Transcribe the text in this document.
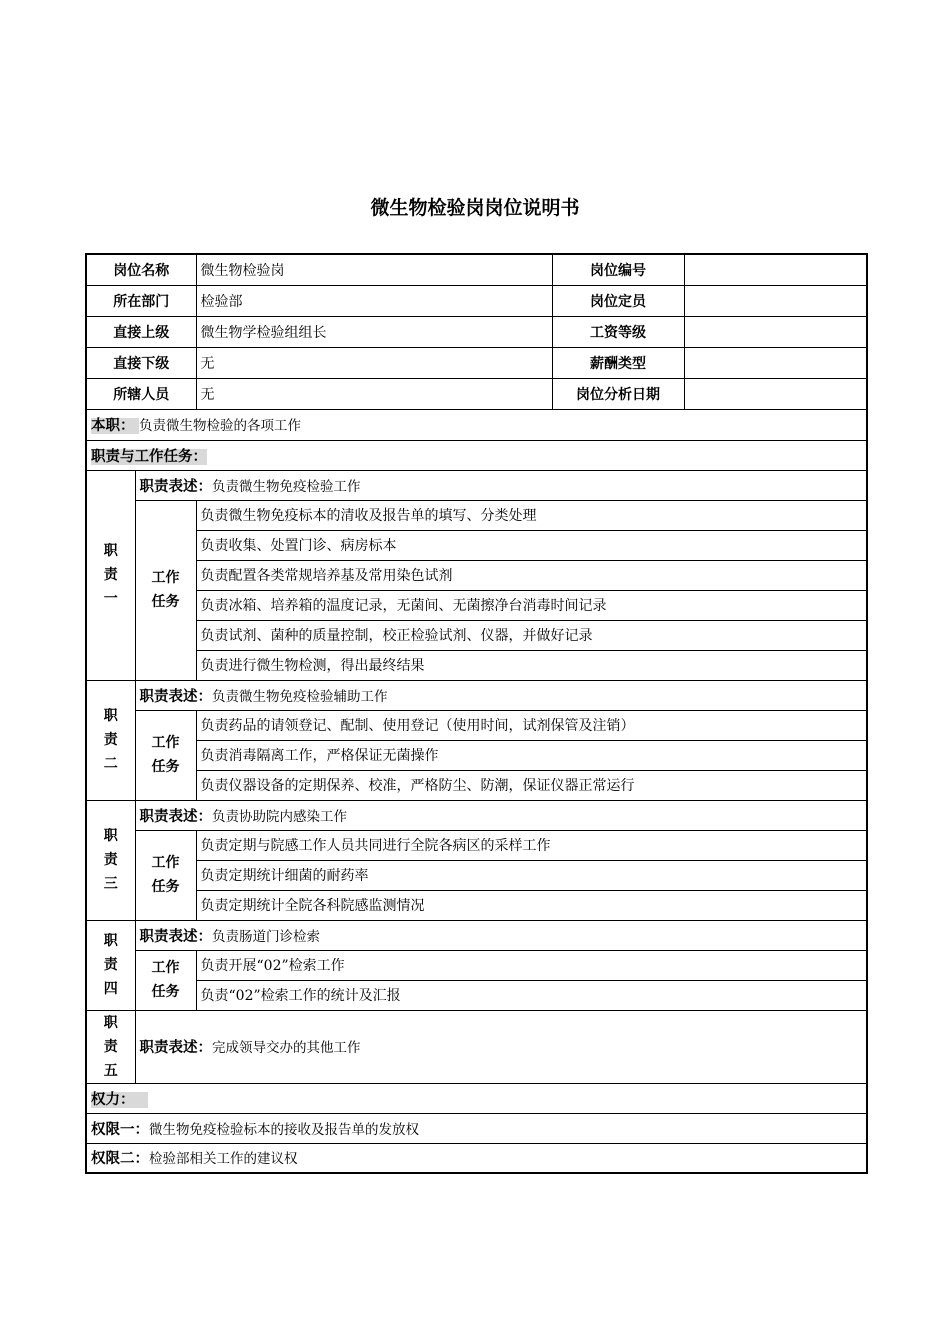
微生物检验岗岗位说明书
岗位名称		微生物检验岗	岗位编号	
所在部门		检验部	岗位定员	
直接上级		微生物学检验组组长	工资等级	
直接下级		无	薪酬类型	
所辖人员		无	岗位分析日期	
本职： 负责微生物检验的各项工作				
职责与工作任务：				

职
责
一	职责表述：负责微生物免疫检验工作			

	工作
任务	负责微生物免疫标本的清收及报告单的填写、分类处理		
		负责收集、处置门诊、病房标本		
		负责配置各类常规培养基及常用染色试剂		
		负责冰箱、培养箱的温度记录，无菌间、无菌擦净台消毒时间记录		
		负责试剂、菌种的质量控制，校正检验试剂、仪器，并做好记录		
		负责进行微生物检测，得出最终结果		

职
责
二	职责表述：负责微生物免疫检验辅助工作			

	工作
任务	负责药品的请领登记、配制、使用登记（使用时间，试剂保管及注销）		
		负责消毒隔离工作，严格保证无菌操作		
		负责仪器设备的定期保养、校准，严格防尘、防潮，保证仪器正常运行		

职
责
三	职责表述：负责协助院内感染工作			

	工作
任务	负责定期与院感工作人员共同进行全院各病区的采样工作		
		负责定期统计细菌的耐药率		
		负责定期统计全院各科院感监测情况		

职
责
四	职责表述：负责肠道门诊检索			

	工作
任务	负责开展“02”检索工作		
		负责“02”检索工作的统计及汇报		

职
责
五	职责表述：完成领导交办的其他工作			
权力：				
权限一：微生物免疫检验标本的接收及报告单的发放权				
权限二：检验部相关工作的建议权				
